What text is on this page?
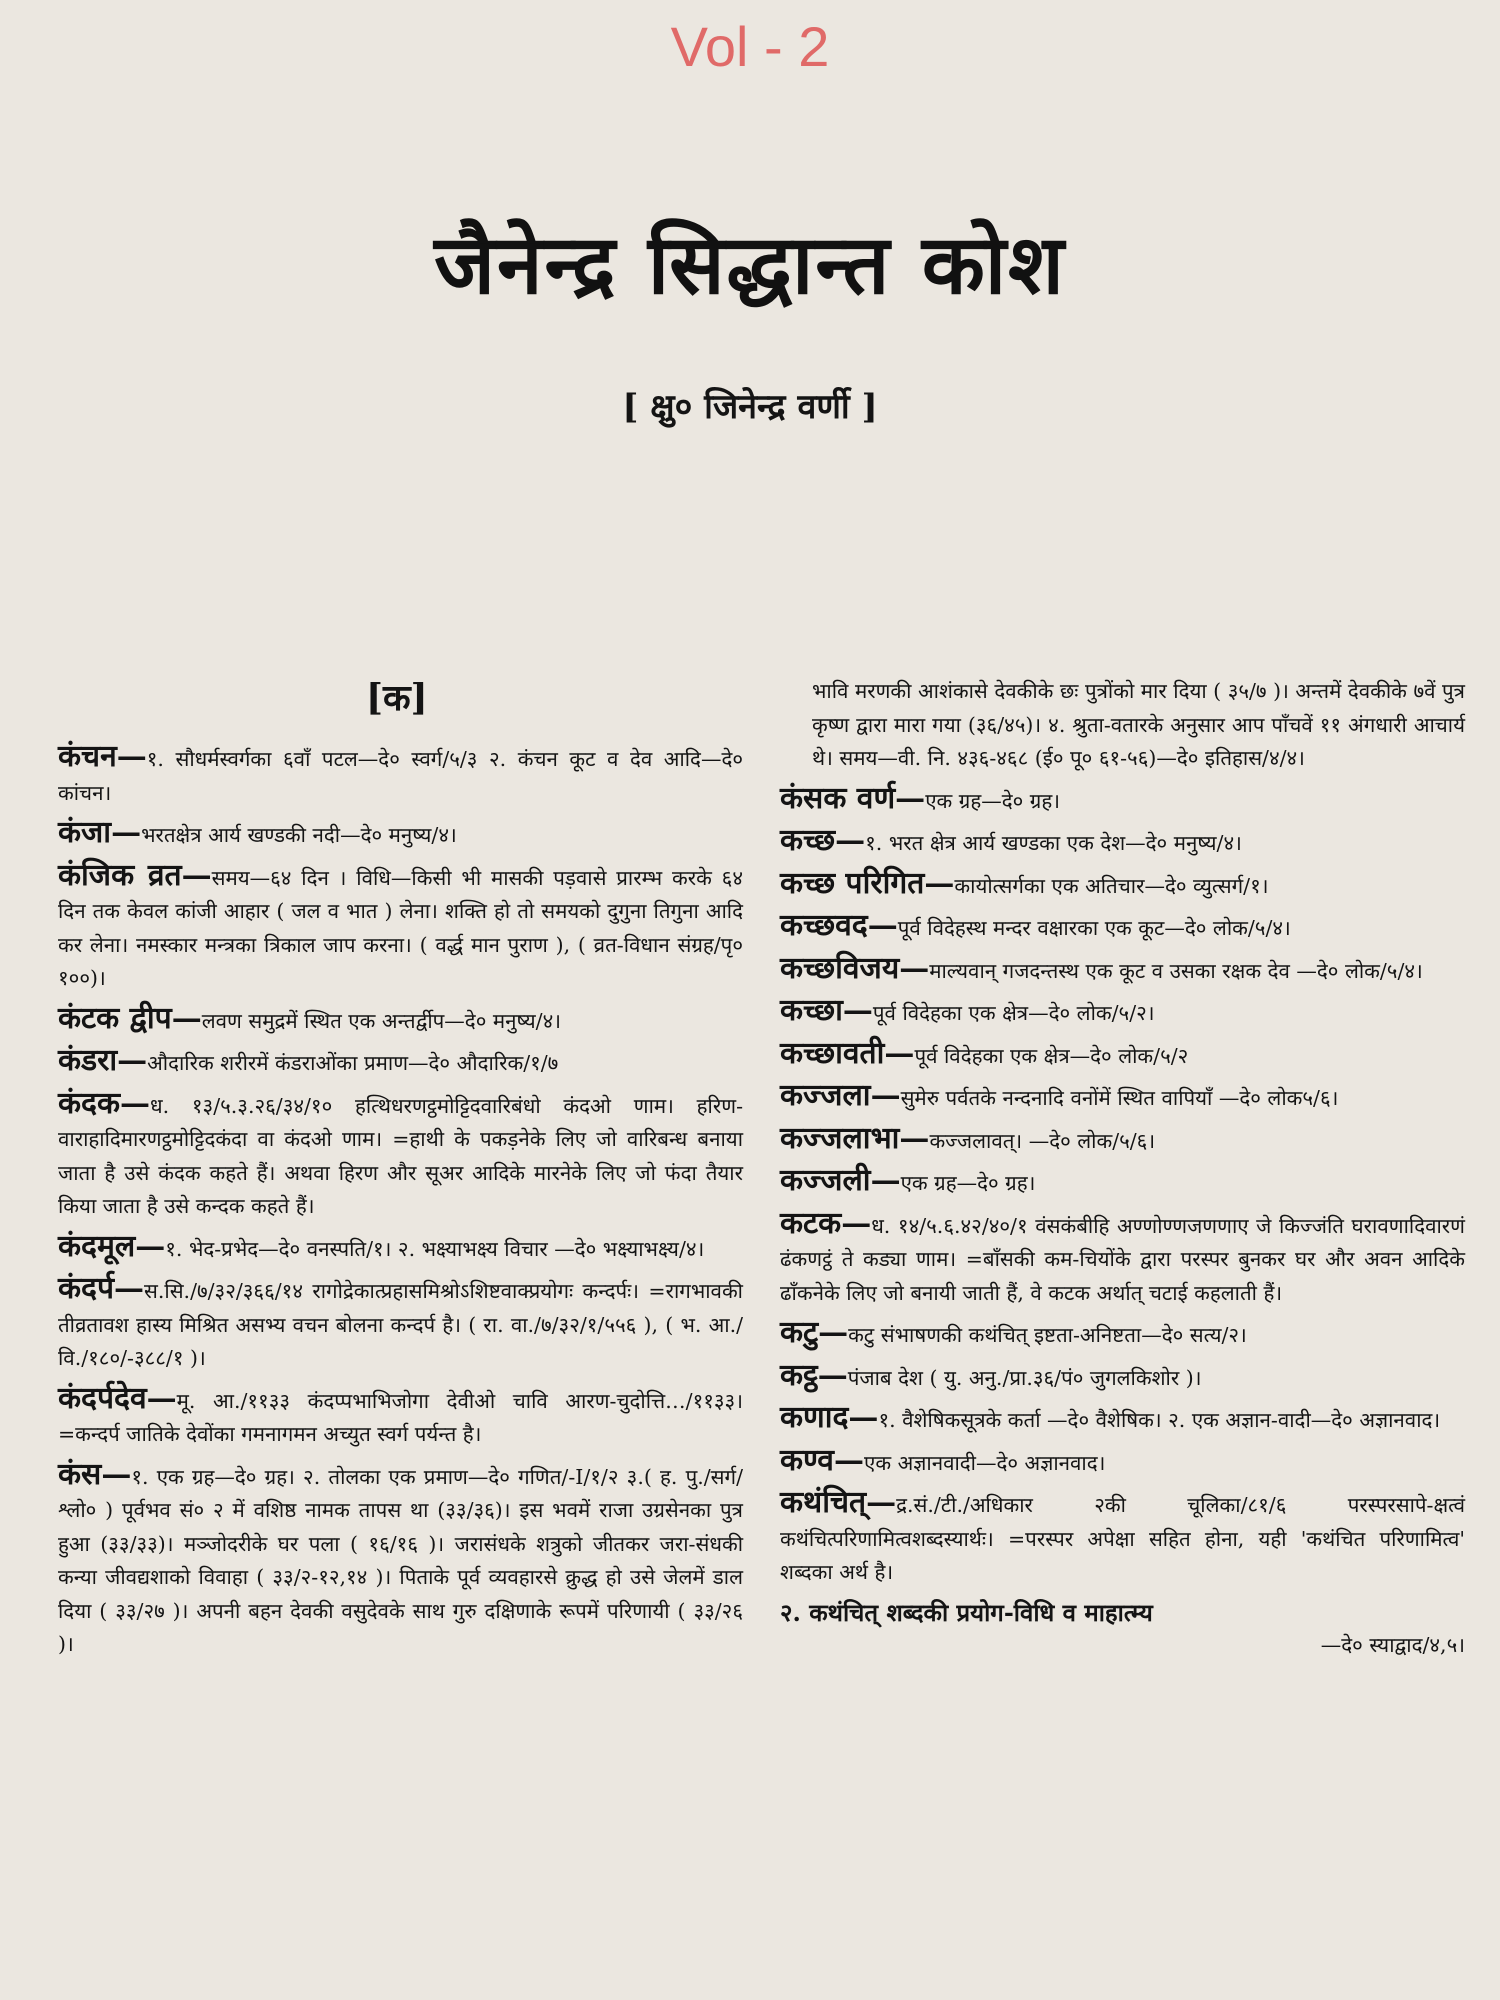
Vol - 2
जैनेन्द्र सिद्धान्त कोश
[ क्षु० जिनेन्द्र वर्णी ]
[क]
कंचन—१. सौधर्मस्वर्गका ६वाँ पटल—दे० स्वर्ग/५/३ २. कंचन कूट व देव आदि—दे० कांचन।
कंजा—भरतक्षेत्र आर्य खण्डकी नदी—दे० मनुष्य/४।
कंजिक व्रत—समय—६४ दिन । विधि—किसी भी मासकी पड़वासे प्रारम्भ करके ६४ दिन तक केवल कांजी आहार ( जल व भात ) लेना। शक्ति हो तो समयको दुगुना तिगुना आदि कर लेना। नमस्कार मन्त्रका त्रिकाल जाप करना। ( वर्द्ध मान पुराण ), ( व्रत-विधान संग्रह/पृ० १००)।
कंटक द्वीप—लवण समुद्रमें स्थित एक अन्तर्द्वीप—दे० मनुष्य/४।
कंडरा—औदारिक शरीरमें कंडराओंका प्रमाण—दे० औदारिक/१/७
कंदक—ध. १३/५.३.२६/३४/१० हत्थिधरणट्ठमोट्टिदवारिबंधो कंदओ णाम। हरिण-वाराहादिमारणट्ठमोट्टिदकंदा वा कंदओ णाम। =हाथी के पकड़नेके लिए जो वारिबन्ध बनाया जाता है उसे कंदक कहते हैं। अथवा हिरण और सूअर आदिके मारनेके लिए जो फंदा तैयार किया जाता है उसे कन्दक कहते हैं।
कंदमूल—१. भेद-प्रभेद—दे० वनस्पति/१। २. भक्ष्याभक्ष्य विचार —दे० भक्ष्याभक्ष्य/४।
कंदर्प—स.सि./७/३२/३६६/१४ रागोद्रेकात्प्रहासमिश्रोऽशिष्टवाक्प्रयोगः कन्दर्पः। =रागभावकी तीव्रतावश हास्य मिश्रित असभ्य वचन बोलना कन्दर्प है। ( रा. वा./७/३२/१/५५६ ), ( भ. आ./वि./१८०/-३८८/१ )।
कंदर्पदेव—मू. आ./११३३ कंदप्पभाभिजोगा देवीओ चावि आरण-चुदोत्ति…/११३३। =कन्दर्प जातिके देवोंका गमनागमन अच्युत स्वर्ग पर्यन्त है।
कंस—१. एक ग्रह—दे० ग्रह। २. तोलका एक प्रमाण—दे० गणित/-I/१/२ ३.( ह. पु./सर्ग/श्लो० ) पूर्वभव सं० २ में वशिष्ठ नामक तापस था (३३/३६)। इस भवमें राजा उग्रसेनका पुत्र हुआ (३३/३३)। मञ्जोदरीके घर पला ( १६/१६ )। जरासंधके शत्रुको जीतकर जरा-संधकी कन्या जीवद्यशाको विवाहा ( ३३/२-१२,१४ )। पिताके पूर्व व्यवहारसे क्रुद्ध हो उसे जेलमें डाल दिया ( ३३/२७ )। अपनी बहन देवकी वसुदेवके साथ गुरु दक्षिणाके रूपमें परिणायी ( ३३/२६ )।
भावि मरणकी आशंकासे देवकीके छः पुत्रोंको मार दिया ( ३५/७ )। अन्तमें देवकीके ७वें पुत्र कृष्ण द्वारा मारा गया (३६/४५)। ४. श्रुता-वतारके अनुसार आप पाँचवें ११ अंगधारी आचार्य थे। समय—वी. नि. ४३६-४६८ (ई० पू० ६१-५६)—दे० इतिहास/४/४।
कंसक वर्ण—एक ग्रह—दे० ग्रह।
कच्छ—१. भरत क्षेत्र आर्य खण्डका एक देश—दे० मनुष्य/४।
कच्छ परिगित—कायोत्सर्गका एक अतिचार—दे० व्युत्सर्ग/१।
कच्छवद—पूर्व विदेहस्थ मन्दर वक्षारका एक कूट—दे० लोक/५/४।
कच्छविजय—माल्यवान् गजदन्तस्थ एक कूट व उसका रक्षक देव —दे० लोक/५/४।
कच्छा—पूर्व विदेहका एक क्षेत्र—दे० लोक/५/२।
कच्छावती—पूर्व विदेहका एक क्षेत्र—दे० लोक/५/२
कज्जला—सुमेरु पर्वतके नन्दनादि वनोंमें स्थित वापियाँ —दे० लोक५/६।
कज्जलाभा—कज्जलावत्। —दे० लोक/५/६।
कज्जली—एक ग्रह—दे० ग्रह।
कटक—ध. १४/५.६.४२/४०/१ वंसकंबीहि अण्णोण्णजणणाए जे किज्जंति घरावणादिवारणं ढंकणट्ठं ते कड्या णाम। =बाँसकी कम-चियोंके द्वारा परस्पर बुनकर घर और अवन आदिके ढाँकनेके लिए जो बनायी जाती हैं, वे कटक अर्थात् चटाई कहलाती हैं।
कटु—कटु संभाषणकी कथंचित् इष्टता-अनिष्टता—दे० सत्य/२।
कट्ठ—पंजाब देश ( यु. अनु./प्रा.३६/पं० जुगलकिशोर )।
कणाद—१. वैशेषिकसूत्रके कर्ता —दे० वैशेषिक। २. एक अज्ञान-वादी—दे० अज्ञानवाद।
कण्व—एक अज्ञानवादी—दे० अज्ञानवाद।
कथंचित्—द्र.सं./टी./अधिकार २की चूलिका/८१/६ परस्परसापे-क्षत्वं कथंचित्परिणामित्वशब्दस्यार्थः। =परस्पर अपेक्षा सहित होना, यही 'कथंचित परिणामित्व' शब्दका अर्थ है।
२. कथंचित् शब्दकी प्रयोग-विधि व माहात्म्य
—दे० स्याद्वाद/४,५।
